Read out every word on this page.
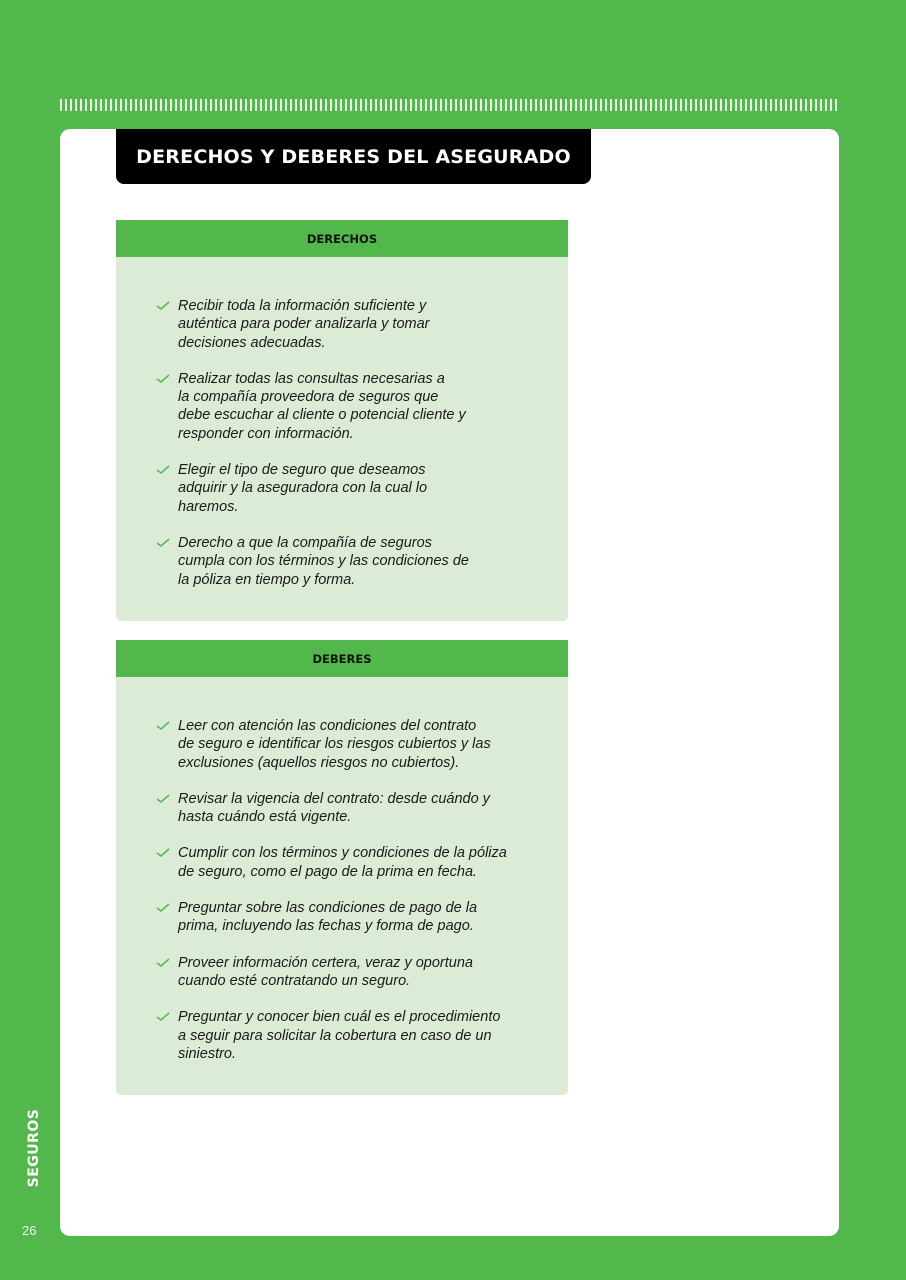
DERECHOS Y DEBERES DEL ASEGURADO
DERECHOS
Recibir toda la información suficiente y
auténtica para poder analizarla y tomar
decisiones adecuadas.
Realizar todas las consultas necesarias a
la compañía proveedora de seguros que
debe escuchar al cliente o potencial cliente y
responder con información.
Elegir el tipo de seguro que deseamos
adquirir y la aseguradora con la cual lo
haremos.
Derecho a que la compañía de seguros
cumpla con los términos y las condiciones de
la póliza en tiempo y forma.
DEBERES
Leer con atención las condiciones del contrato
de seguro e identificar los riesgos cubiertos y las
exclusiones (aquellos riesgos no cubiertos).
Revisar la vigencia del contrato: desde cuándo y
hasta cuándo está vigente.
Cumplir con los términos y condiciones de la póliza
de seguro, como el pago de la prima en fecha.
Preguntar sobre las condiciones de pago de la
prima, incluyendo las fechas y forma de pago.
Proveer información certera, veraz y oportuna
cuando esté contratando un seguro.
Preguntar y conocer bien cuál es el procedimiento
a seguir para solicitar la cobertura en caso de un
siniestro.
SEGUROS
26
